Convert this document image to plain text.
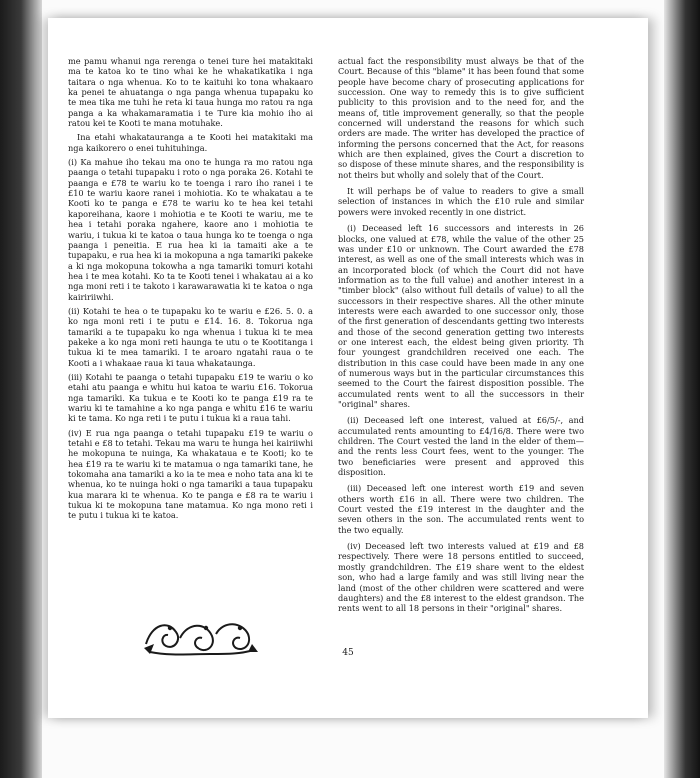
me pamu whanui nga rerenga o tenei ture hei matakitaki ma te katoa ko te tino whai ke he whakatikatika i nga taitara o nga whenua. Ko to te kaituhi ko tona whakaaro ka penei te ahuatanga o nga panga whenua tupapaku ko te mea tika me tuhi he reta ki taua hunga mo ratou ra nga panga a ka whakamaramatia i te Ture kia mohio iho ai ratou kei te Kooti te mana motuhake.

Ina etahi whakatauranga a te Kooti hei matakitaki ma nga kaikorero o enei tuhituhinga.

(i) Ka mahue iho tekau ma ono te hunga ra mo ratou nga paanga o tetahi tupapaku i roto o nga poraka 26. Kotahi te paanga e £78 te wariu ko te toenga i raro iho ranei i te £10 te wariu kaore ranei i mohiotia. Ko te whakatau a te Kooti ko te panga e £78 te wariu ko te hea kei tetahi kaporeihana, kaore i mohiotia e te Kooti te wariu, me te hea i tetahi poraka ngahere, kaore ano i mohiotia te wariu, i tukua ki te katoa o taua hunga ko te toenga o nga paanga i peneitia. E rua hea ki ia tamaiti ake a te tupapaku, e rua hea ki ia mokopuna a nga tamariki pakeke a ki nga mokopuna tokowha a nga tamariki tomuri kotahi hea i te mea kotahi. Ko ta te Kooti tenei i whakatau ai a ko nga moni reti i te takoto i karawarawatia ki te katoa o nga kaiririiwhi.

(ii) Kotahi te hea o te tupapaku ko te wariu e £26. 5. 0. a ko nga moni reti i te putu e £14. 16. 8. Tokorua nga tamariki a te tupapaku ko nga whenua i tukua ki te mea pakeke a ko nga moni reti haunga te utu o te Kootitanga i tukua ki te mea tamariki. I te aroaro ngatahi raua o te Kooti a i whakaae raua ki taua whakataunga.

(iii) Kotahi te paanga o tetahi tupapaku £19 te wariu o ko etahi atu paanga e whitu hui katoa te wariu £16. Tokorua nga tamariki. Ka tukua e te Kooti ko te panga £19 ra te wariu ki te tamahine a ko nga panga e whitu £16 te wariu ki te tama. Ko nga reti i te putu i tukua ki a raua tahi.

(iv) E rua nga paanga o tetahi tupapaku £19 te wariu o tetahi e £8 to tetahi. Tekau ma waru te hunga hei kairiiwhi he mokopuna te nuinga, Ka whakataua e te Kooti; ko te hea £19 ra te wariu ki te matamua o nga tamariki tane, he tokomaha ana tamariki a ko ia te mea e noho tata ana ki te whenua, ko te nuinga hoki o nga tamariki a taua tupapaku kua marara ki te whenua. Ko te panga e £8 ra te wariu i tukua ki te mokopuna tane matamua. Ko nga mono reti i te putu i tukua ki te katoa.

actual fact the responsibility must always be that of the Court. Because of this "blame" it has been found that some people have become chary of prosecuting applications for succession. One way to remedy this is to give sufficient publicity to this provision and to the need for, and the means of, title improvement generally, so that the people concerned will understand the reasons for which such orders are made. The writer has developed the practice of informing the persons concerned that the Act, for reasons which are then explained, gives the Court a discretion to so dispose of these minute shares, and the responsibility is not theirs but wholly and solely that of the Court.

It will perhaps be of value to readers to give a small selection of instances in which the £10 rule and similar powers were invoked recently in one district.

(i) Deceased left 16 successors and interests in 26 blocks, one valued at £78, while the value of the other 25 was under £10 or unknown. The Court awarded the £78 interest, as well as one of the small interests which was in an incorporated block (of which the Court did not have information as to the full value) and another interest in a "timber block" (also without full details of value) to all the successors in their respective shares. All the other minute interests were each awarded to one successor only, those of the first generation of descendants getting two interests and those of the second generation getting two interests or one interest each, the eldest being given priority. Th four youngest grandchildren received one each. The distribution in this case could have been made in any one of numerous ways but in the particular circumstances this seemed to the Court the fairest disposition possible. The accumulated rents went to all the successors in their "original" shares.

(ii) Deceased left one interest, valued at £6/5/-, and accumulated rents amounting to £4/16/8. There were two children. The Court vested the land in the elder of them—and the rents less Court fees, went to the younger. The two beneficiaries were present and approved this disposition.

(iii) Deceased left one interest worth £19 and seven others worth £16 in all. There were two children. The Court vested the £19 interest in the daughter and the seven others in the son. The accumulated rents went to the two equally.

(iv) Deceased left two interests valued at £19 and £8 respectively. There were 18 persons entitled to succeed, mostly grandchildren. The £19 share went to the eldest son, who had a large family and was still living near the land (most of the other children were scattered and were daughters) and the £8 interest to the eldest grandson. The rents went to all 18 persons in their "original" shares.

45
